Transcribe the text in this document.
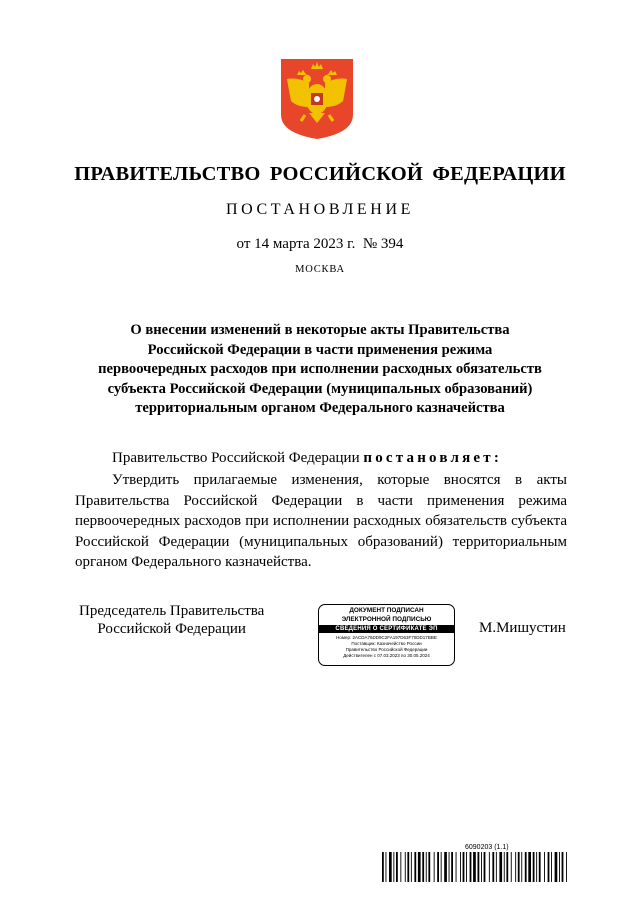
ПРАВИТЕЛЬСТВО РОССИЙСКОЙ ФЕДЕРАЦИИ
ПОСТАНОВЛЕНИЕ
от 14 марта 2023 г. № 394
МОСКВА
О внесении изменений в некоторые акты Правительства
Российской Федерации в части применения режима
первоочередных расходов при исполнении расходных обязательств
субъекта Российской Федерации (муниципальных образований)
территориальным органом Федерального казначейства
Правительство Российской Федерации постановляет:
Утвердить прилагаемые изменения, которые вносятся в акты Правительства Российской Федерации в части применения режима первоочередных расходов при исполнении расходных обязательств субъекта Российской Федерации (муниципальных образований) территориальным органом Федерального казначейства.
Председатель Правительства
Российской Федерации
ДОКУМЕНТ ПОДПИСАН
ЭЛЕКТРОННОЙ ПОДПИСЬЮ
СВЕДЕНИЯ О СЕРТИФИКАТЕ ЭП
Номер: 2ACDA76DD9C2FA197D63F70DD17BBE
Поставщик: Казначейство России
Правительство Российской Федерации
Действителен с 07.03.2023 по 30.05.2024
М.Мишустин
6090203 (1.1)
